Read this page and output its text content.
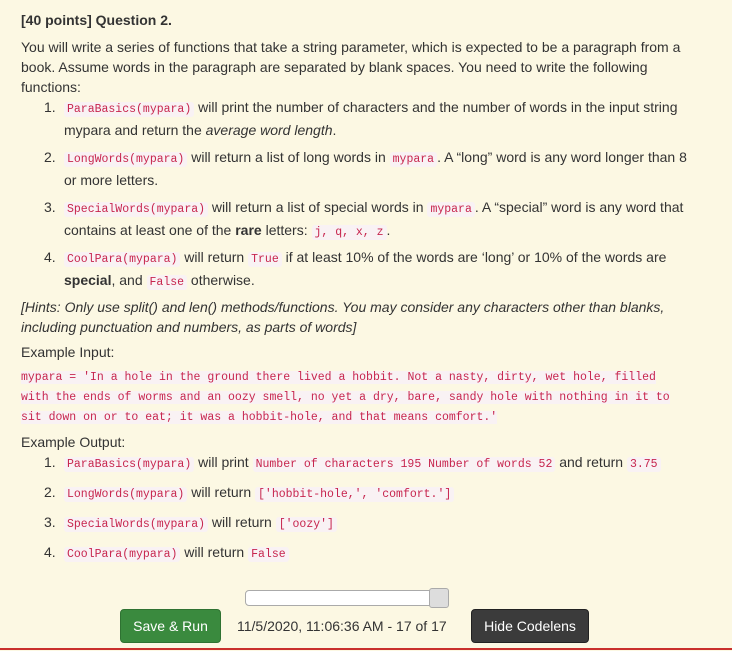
[40 points] Question 2.

You will write a series of functions that take a string parameter, which is expected to be a paragraph from a book. Assume words in the paragraph are separated by blank spaces. You need to write the following functions:

1. ParaBasics(mypara) will print the number of characters and the number of words in the input string mypara and return the average word length.
2. LongWords(mypara) will return a list of long words in mypara . A “long” word is any word longer than 8 or more letters.
3. SpecialWords(mypara) will return a list of special words in mypara . A “special” word is any word that contains at least one of the rare letters: j, q, x, z .
4. CoolPara(mypara) will return True if at least 10% of the words are ‘long’ or 10% of the words are special, and False otherwise.

[Hints: Only use split() and len() methods/functions. You may consider any characters other than blanks, including punctuation and numbers, as parts of words]

Example Input:
mypara = 'In a hole in the ground there lived a hobbit. Not a nasty, dirty, wet hole, filled
with the ends of worms and an oozy smell, no yet a dry, bare, sandy hole with nothing in it to
sit down on or to eat; it was a hobbit-hole, and that means comfort.'
Example Output:
1. ParaBasics(mypara) will print Number of characters 195 Number of words 52 and return 3.75
2. LongWords(mypara) will return ['hobbit-hole,', 'comfort.']
3. SpecialWords(mypara) will return ['oozy']
4. CoolPara(mypara) will return False
Save & Run	11/5/2020, 11:06:36 AM - 17 of 17	Hide Codelens
